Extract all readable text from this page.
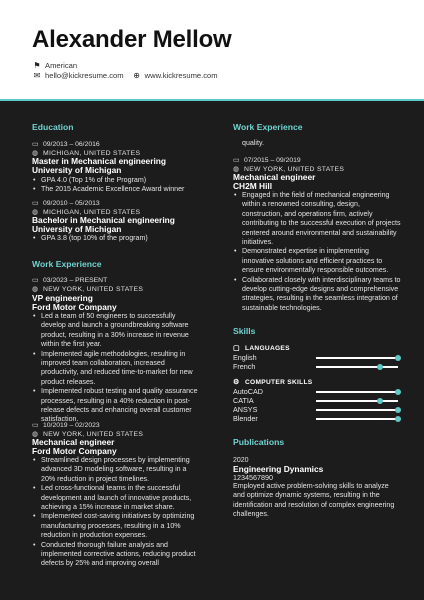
Alexander Mellow
⚑ American
✉ hello@kickresume.com ⊕ www.kickresume.com
Education
▭ 09/2013 – 06/2016
◍ MICHIGAN, UNITED STATES
Master in Mechanical engineering
University of Michigan
• GPA 4.0 (Top 1% of the Program)
• The 2015 Academic Excellence Award winner
▭ 09/2010 – 05/2013
◍ MICHIGAN, UNITED STATES
Bachelor in Mechanical engineering
University of Michigan
• GPA 3.8 (top 10% of the program)
Work Experience
▭ 03/2023 – PRESENT
◍ NEW YORK, UNITED STATES
VP engineering
Ford Motor Company
• Led a team of 50 engineers to successfully develop and launch a groundbreaking software product, resulting in a 30% increase in revenue within the first year.
• Implemented agile methodologies, resulting in improved team collaboration, increased productivity, and reduced time-to-market for new product releases.
• Implemented robust testing and quality assurance processes, resulting in a 40% reduction in post-release defects and enhancing overall customer satisfaction.
▭ 10/2019 – 02/2023
◍ NEW YORK, UNITED STATES
Mechanical engineer
Ford Motor Company
• Streamlined design processes by implementing advanced 3D modeling software, resulting in a 20% reduction in project timelines.
• Led cross-functional teams in the successful development and launch of innovative products, achieving a 15% increase in market share.
• Implemented cost-saving initiatives by optimizing manufacturing processes, resulting in a 10% reduction in production expenses.
• Conducted thorough failure analysis and implemented corrective actions, reducing product defects by 25% and improving overall
Work Experience
quality.
▭ 07/2015 – 09/2019
◍ NEW YORK, UNITED STATES
Mechanical engineer
CH2M Hill
• Engaged in the field of mechanical engineering within a renowned consulting, design, construction, and operations firm, actively contributing to the successful execution of projects centered around environmental and sustainability initiatives.
• Demonstrated expertise in implementing innovative solutions and efficient practices to ensure environmentally responsible outcomes.
• Collaborated closely with interdisciplinary teams to develop cutting-edge designs and comprehensive strategies, resulting in the seamless integration of sustainable technologies.
Skills
▢ LANGUAGES
English
French
⚙ COMPUTER SKILLS
AutoCAD
CATIA
ANSYS
Blender
Publications
2020
Engineering Dynamics
1234567890
Employed active problem-solving skills to analyze and optimize dynamic systems, resulting in the identification and resolution of complex engineering challenges.
